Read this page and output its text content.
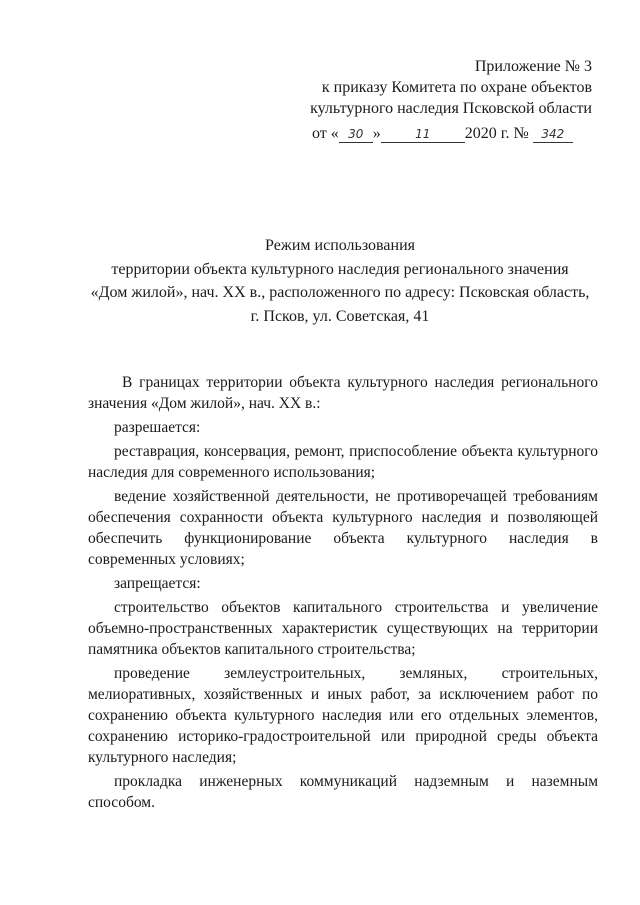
Приложение № 3
к приказу Комитета по охране объектов
культурного наследия Псковской области
от « 30 »	11 2020 г. № 342
Режим использования
территории объекта культурного наследия регионального значения
«Дом жилой», нач. XX в., расположенного по адресу: Псковская область,
г. Псков, ул. Советская, 41

В границах территории объекта культурного наследия регионального значения «Дом жилой», нач. XX в.:

разрешается:

реставрация, консервация, ремонт, приспособление объекта культурного наследия для современного использования;

ведение хозяйственной деятельности, не противоречащей требованиям обеспечения сохранности объекта культурного наследия и позволяющей обеспечить функционирование объекта культурного наследия в современных условиях;

запрещается:

строительство объектов капитального строительства и увеличение объемно-пространственных характеристик существующих на территории памятника объектов капитального строительства;

проведение землеустроительных, земляных, строительных, мелиоративных, хозяйственных и иных работ, за исключением работ по сохранению объекта культурного наследия или его отдельных элементов, сохранению историко-градостроительной или природной среды объекта культурного наследия;

прокладка инженерных коммуникаций надземным и наземным способом.
